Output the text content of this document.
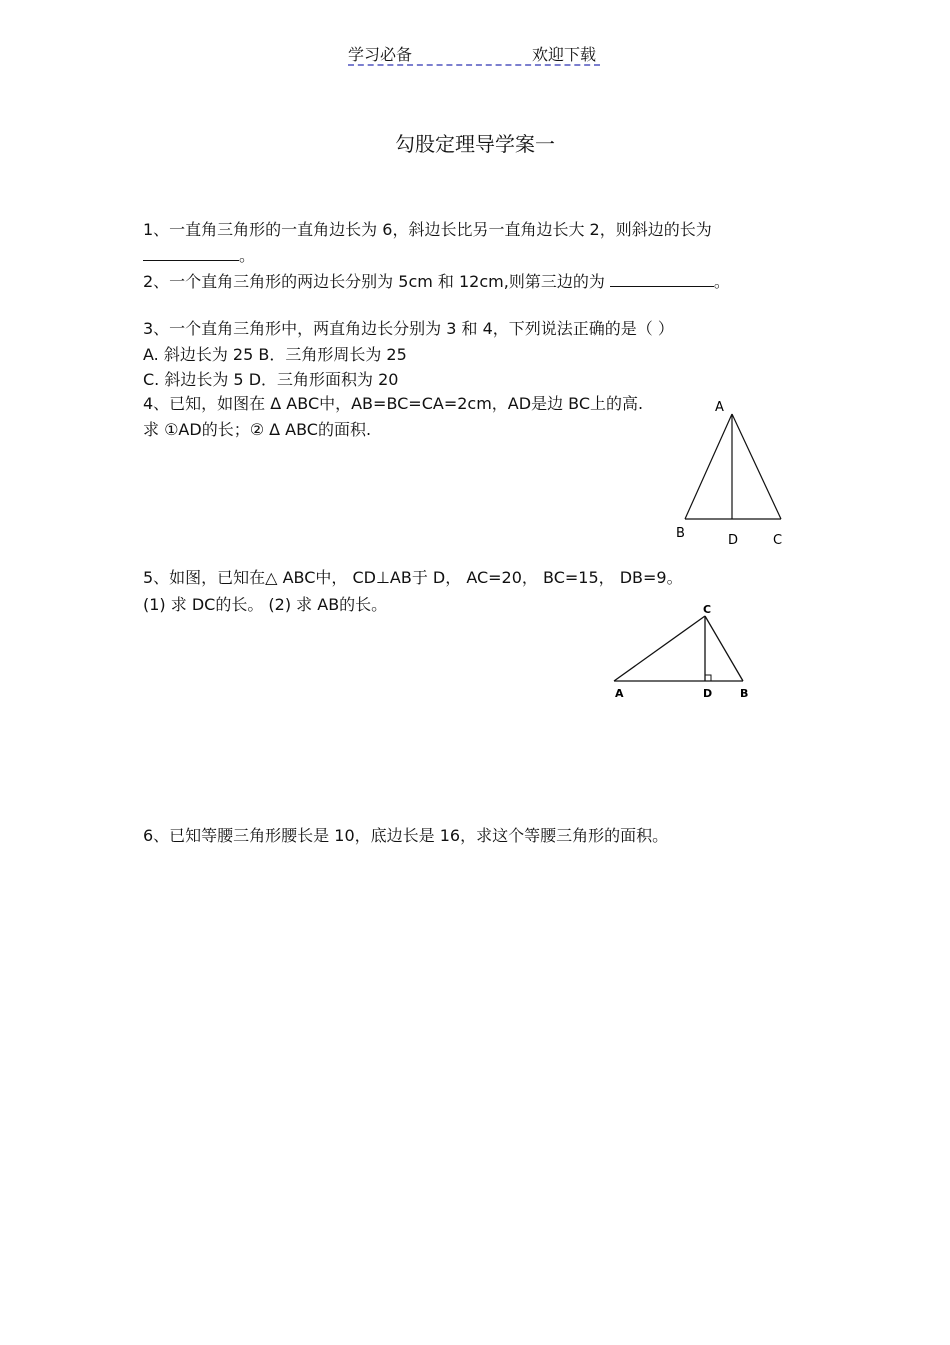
学习必备	欢迎下载
勾股定理导学案一
1、一直角三角形的一直角边长为 6，斜边长比另一直角边长大 2，则斜边的长为
。
2、一个直角三角形的两边长分别为 5cm 和 12cm,则第三边的为	。
3、一个直角三角形中，两直角边长分别为 3 和 4，下列说法正确的是（ ）
A. 斜边长为 25 B．三角形周长为 25
C. 斜边长为 5 D．三角形面积为 20
4、已知，如图在 Δ ABC中，AB=BC=CA=2cm，AD是边 BC上的高.
求 ①AD的长；② Δ ABC的面积.
A
B	D	C
5、如图，已知在△ ABC中， CD⊥AB于 D， AC=20， BC=15， DB=9。
(1) 求 DC的长。 (2) 求 AB的长。	C
A	D	B
6、已知等腰三角形腰长是 10，底边长是 16，求这个等腰三角形的面积。
